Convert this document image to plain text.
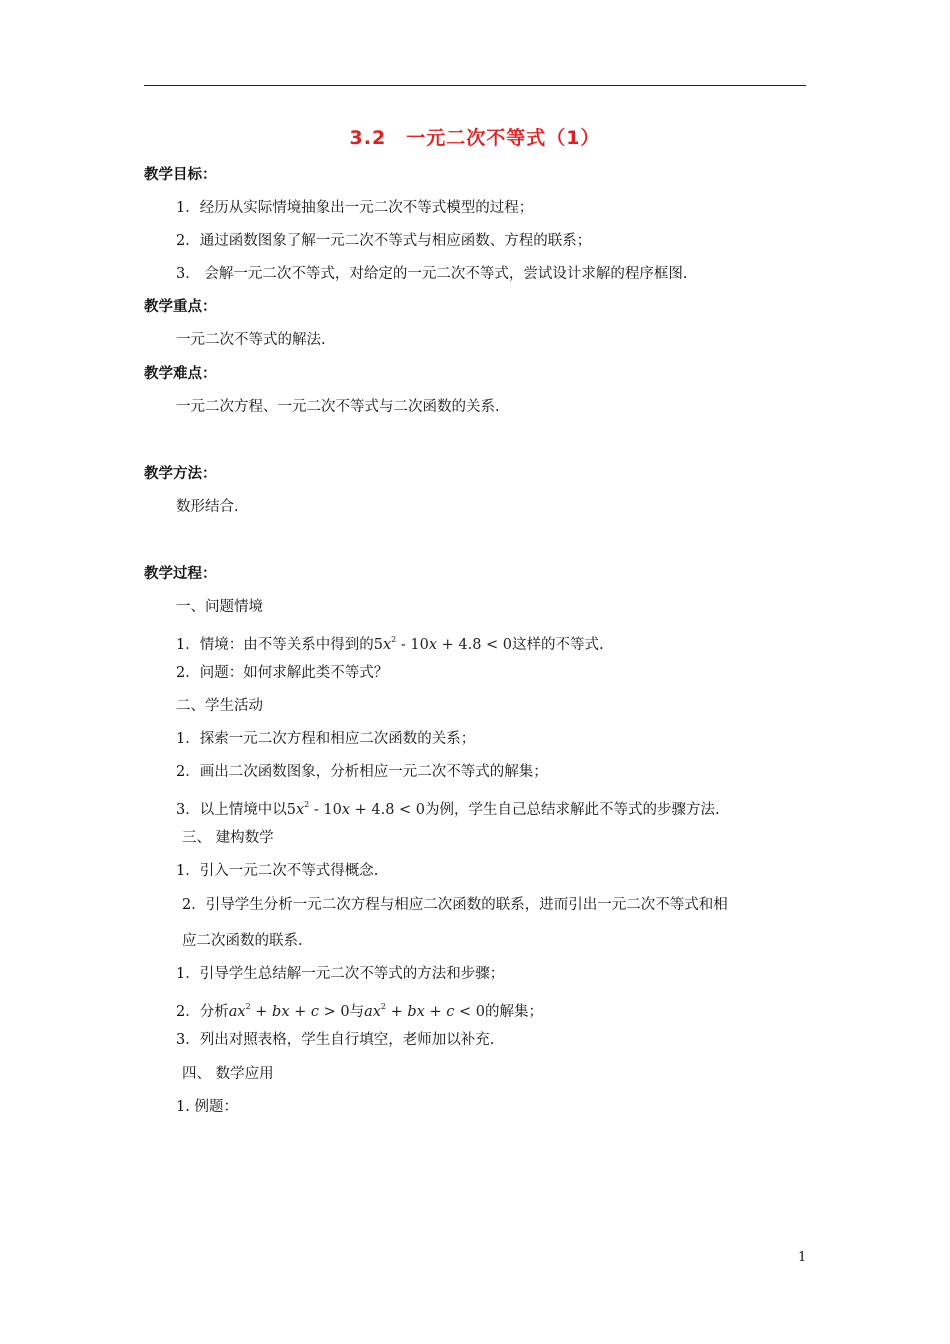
3.2　一元二次不等式（1）
教学目标：
1．经历从实际情境抽象出一元二次不等式模型的过程；
2．通过函数图象了解一元二次不等式与相应函数、方程的联系；
3． 会解一元二次不等式，对给定的一元二次不等式，尝试设计求解的程序框图.
教学重点：
一元二次不等式的解法.
教学难点：
一元二次方程、一元二次不等式与二次函数的关系.
教学方法：
数形结合.
教学过程：
一、问题情境
1．情境：由不等关系中得到的$5x^2 - 10x + 4.8 < 0$这样的不等式.
2．问题：如何求解此类不等式？
二、学生活动
1．探索一元二次方程和相应二次函数的关系；
2．画出二次函数图象，分析相应一元二次不等式的解集；
3．以上情境中以$5x^2 - 10x + 4.8 < 0$为例，学生自己总结求解此不等式的步骤方法.
三、 建构数学
1．引入一元二次不等式得概念.
2．引导学生分析一元二次方程与相应二次函数的联系，进而引出一元二次不等式和相
应二次函数的联系.
1．引导学生总结解一元二次不等式的方法和步骤；
2．分析$ax^2$ + bx + c > 0与$ax^2$ + bx + c < 0的解集；
3．列出对照表格，学生自行填空，老师加以补充.
四、 数学应用
1. 例题：
1
